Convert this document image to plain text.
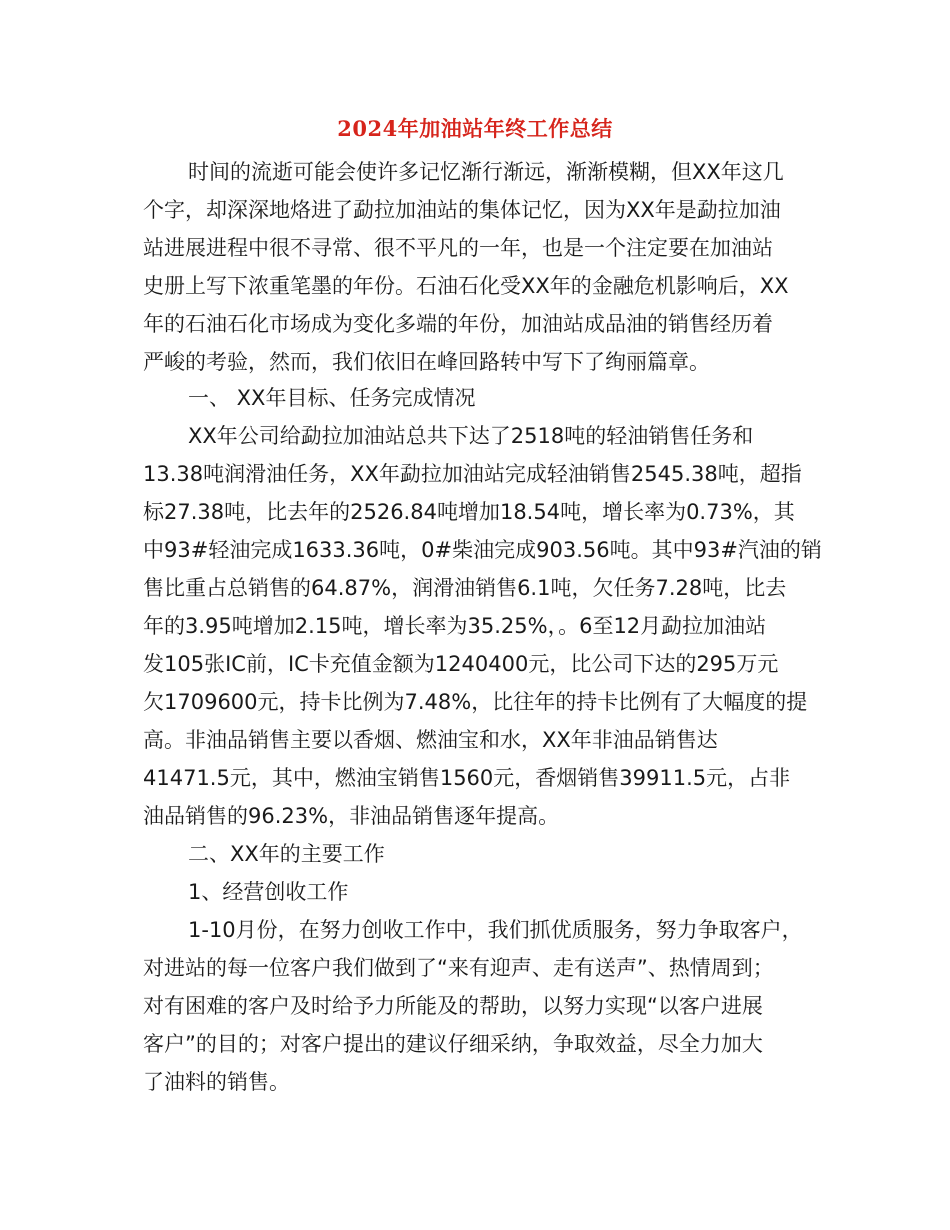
2024年加油站年终工作总结
时间的流逝可能会使许多记忆渐行渐远，渐渐模糊，但XX年这几
个字，却深深地烙进了勐拉加油站的集体记忆，因为XX年是勐拉加油
站进展进程中很不寻常、很不平凡的一年，也是一个注定要在加油站
史册上写下浓重笔墨的年份。石油石化受XX年的金融危机影响后，XX
年的石油石化市场成为变化多端的年份，加油站成品油的销售经历着
严峻的考验，然而，我们依旧在峰回路转中写下了绚丽篇章。
一、 XX年目标、任务完成情况
XX年公司给勐拉加油站总共下达了2518吨的轻油销售任务和
13.38吨润滑油任务，XX年勐拉加油站完成轻油销售2545.38吨，超指
标27.38吨，比去年的2526.84吨增加18.54吨，增长率为0.73%，其
中93#轻油完成1633.36吨，0#柴油完成903.56吨。其中93#汽油的销
售比重占总销售的64.87%，润滑油销售6.1吨，欠任务7.28吨，比去
年的3.95吨增加2.15吨，增长率为35.25%，。6至12月勐拉加油站
发105张IC前，IC卡充值金额为1240400元，比公司下达的295万元
欠1709600元，持卡比例为7.48%，比往年的持卡比例有了大幅度的提
高。非油品销售主要以香烟、燃油宝和水，XX年非油品销售达
41471.5元，其中，燃油宝销售1560元，香烟销售39911.5元，占非
油品销售的96.23%，非油品销售逐年提高。
二、XX年的主要工作
1、经营创收工作
1-10月份，在努力创收工作中，我们抓优质服务，努力争取客户，
对进站的每一位客户我们做到了“来有迎声、走有送声”、热情周到；
对有困难的客户及时给予力所能及的帮助，以努力实现“以客户进展
客户”的目的；对客户提出的建议仔细采纳，争取效益，尽全力加大
了油料的销售。
